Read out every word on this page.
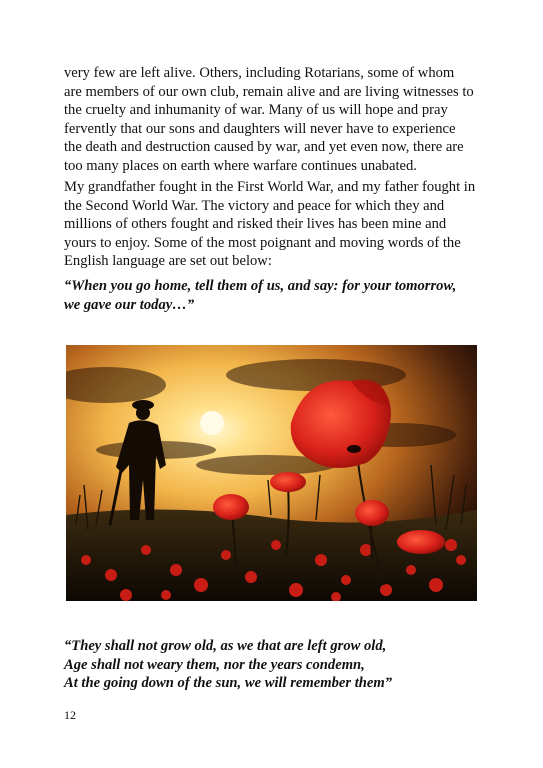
very few are left alive. Others, including Rotarians, some of whom
are members of our own club, remain alive and are living witnesses to
the cruelty and inhumanity of war. Many of us will hope and pray
fervently that our sons and daughters will never have to experience
the death and destruction caused by war, and yet even now, there are
too many places on earth where warfare continues unabated.

My grandfather fought in the First World War, and my father fought in
the Second World War. The victory and peace for which they and
millions of others fought and risked their lives has been mine and
yours to enjoy. Some of the most poignant and moving words of the
English language are set out below:

“When you go home, tell them of us, and say: for your tomorrow,
we gave our today…”

“They shall not grow old, as we that are left grow old,
Age shall not weary them, nor the years condemn,
At the going down of the sun, we will remember them”

12
